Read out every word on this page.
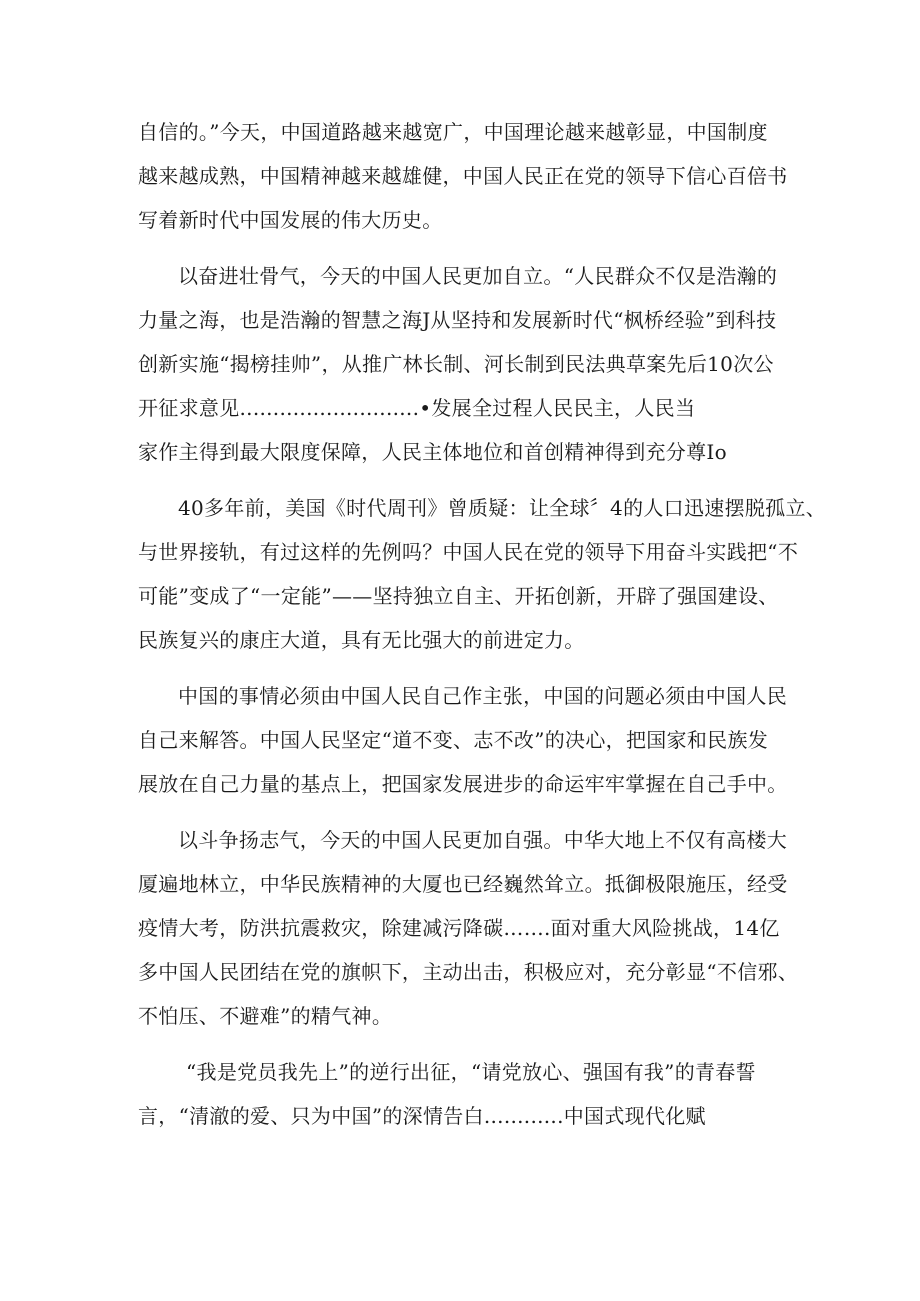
自信的。”今天，中国道路越来越宽广，中国理论越来越彰显，中国制度
越来越成熟，中国精神越来越雄健，中国人民正在党的领导下信心百倍书
写着新时代中国发展的伟大历史。
以奋进壮骨气，今天的中国人民更加自立。“人民群众不仅是浩瀚的
力量之海，也是浩瀚的智慧之海J从坚持和发展新时代“枫桥经验”到科技
创新实施“揭榜挂帅”，从推广林长制、河长制到民法典草案先后10次公
开征求意见...........................•发展全过程人民民主，人民当
家作主得到最大限度保障，人民主体地位和首创精神得到充分尊Io
40多年前，美国《时代周刊》曾质疑：让全球〞4的人口迅速摆脱孤立、
与世界接轨，有过这样的先例吗？中国人民在党的领导下用奋斗实践把“不
可能”变成了“一定能”——坚持独立自主、开拓创新，开辟了强国建设、
民族复兴的康庄大道，具有无比强大的前进定力。
中国的事情必须由中国人民自己作主张，中国的问题必须由中国人民
自己来解答。中国人民坚定“道不变、志不改”的决心，把国家和民族发
展放在自己力量的基点上，把国家发展进步的命运牢牢掌握在自己手中。
以斗争扬志气，今天的中国人民更加自强。中华大地上不仅有高楼大
厦遍地林立，中华民族精神的大厦也已经巍然耸立。抵御极限施压，经受
疫情大考，防洪抗震救灾，除建减污降碳…….面对重大风险挑战，14亿
多中国人民团结在党的旗帜下，主动出击，积极应对，充分彰显“不信邪、
不怕压、不避难”的精气神。
“我是党员我先上”的逆行出征，“请党放心、强国有我”的青春誓
言，“清澈的爱、只为中国”的深情告白............中国式现代化赋
